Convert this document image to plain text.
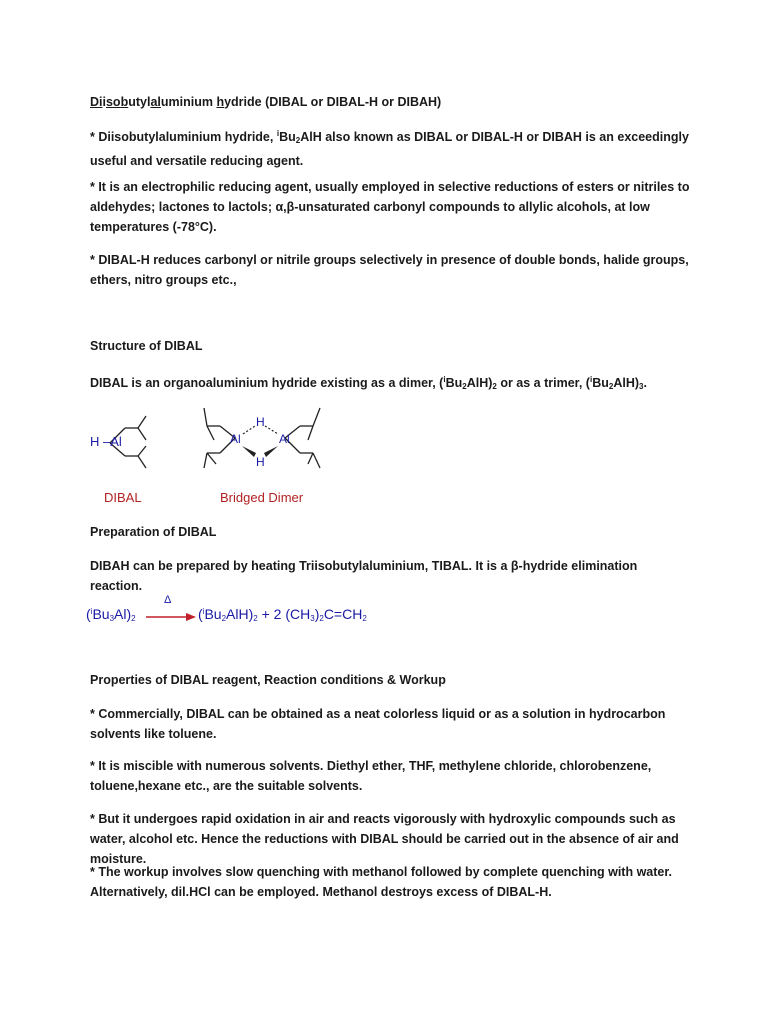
Diisobutylaluminium hydride (DIBAL or DIBAL-H or DIBAH)

* Diisobutylaluminium hydride, $^iBu_2AlH$ also known as DIBAL or DIBAL-H or DIBAH is an exceedingly useful and versatile reducing agent.

* It is an electrophilic reducing agent, usually employed in selective reductions of esters or nitriles to aldehydes; lactones to lactols; α,β-unsaturated carbonyl compounds to allylic alcohols, at low temperatures (-78°C).

* DIBAL-H reduces carbonyl or nitrile groups selectively in presence of double bonds, halide groups, ethers, nitro groups etc.,

Structure of DIBAL

DIBAL is an organoaluminium hydride existing as a dimer, $(^iBu_2AlH)_2$ or as a trimer, $(^iBu_2AlH)_3$.

H –Al	Al	Al
H
H
DIBAL	Bridged Dimer

Preparation of DIBAL

DIBAH can be prepared by heating Triisobutylaluminium, TIBAL. It is a β-hydride elimination reaction.

$(^iBu_3Al)_2$
Δ
→ $(^iBu_2AlH)_2 + 2$ $(CH_3)_2C=CH_2$

Properties of DIBAL reagent, Reaction conditions & Workup

* Commercially, DIBAL can be obtained as a neat colorless liquid or as a solution in hydrocarbon solvents like toluene.

* It is miscible with numerous solvents. Diethyl ether, THF, methylene chloride, chlorobenzene, toluene,hexane etc., are the suitable solvents.

* But it undergoes rapid oxidation in air and reacts vigorously with hydroxylic compounds such as water, alcohol etc. Hence the reductions with DIBAL should be carried out in the absence of air and moisture.

* The workup involves slow quenching with methanol followed by complete quenching with water. Alternatively, dil.HCl can be employed. Methanol destroys excess of DIBAL-H.
